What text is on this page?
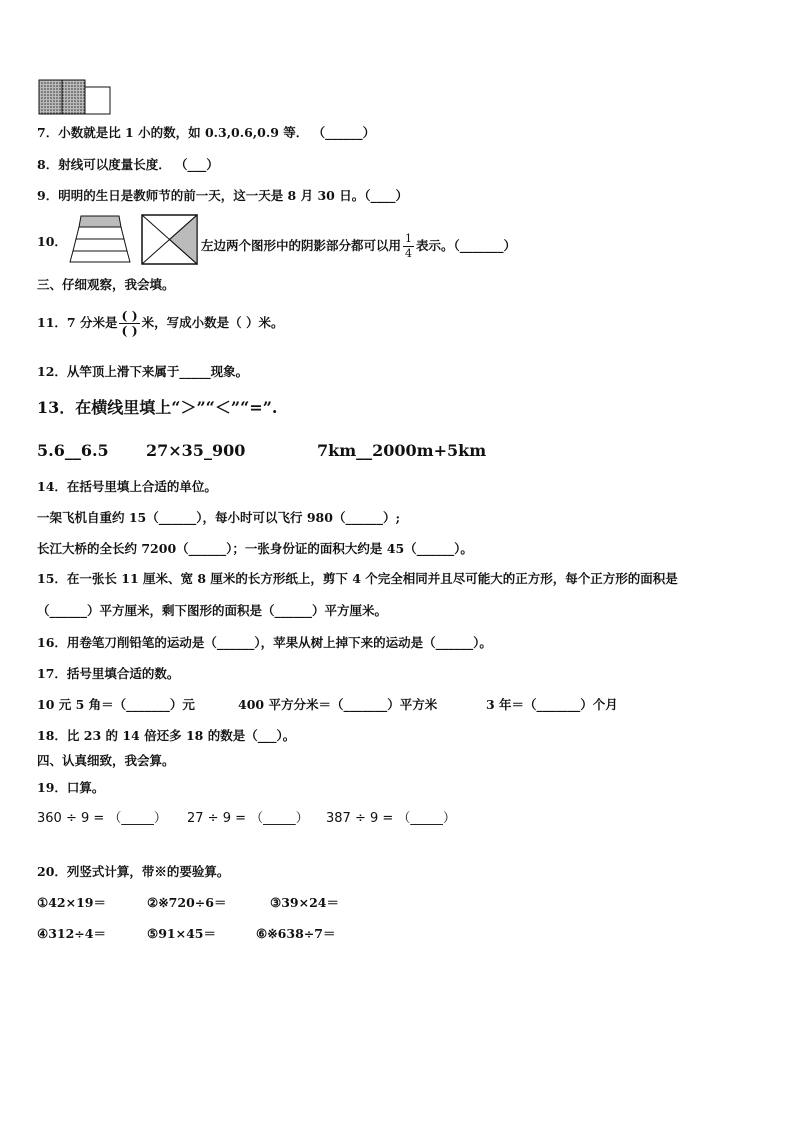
7．小数就是比 1 小的数，如 0.3,0.6,0.9 等． （______）
8．射线可以度量长度． （___）
9．明明的生日是教师节的前一天，这一天是 8 月 30 日。（____）
10．	左边两个图形中的阴影部分都可以用 $\frac{1}{4}$ 表示。（_______）
三、仔细观察，我会填。
11．7 分米是 $\frac{( )}{( )}$ 米，写成小数是（ ）米。
12．从竿顶上滑下来属于_____现象。
13．在横线里填上“＞”“＜”“=”.
5.6__6.5 27×35_900	7km__2000m+5km
14．在括号里填上合适的单位。
一架飞机自重约 15（______），每小时可以飞行 980（______）;
长江大桥的全长约 7200（______）；一张身份证的面积大约是 45（______）。
15．在一张长 11 厘米、宽 8 厘米的长方形纸上，剪下 4 个完全相同并且尽可能大的正方形，每个正方形的面积是
（______）平方厘米，剩下图形的面积是（______）平方厘米。
16．用卷笔刀削铅笔的运动是（______），苹果从树上掉下来的运动是（______）。
17．括号里填合适的数。
10 元 5 角＝（_______）元	400 平方分米＝（_______）平方米	3 年＝（_______）个月
18．比 23 的 14 倍还多 18 的数是（___）。
四、认真细致，我会算。
19．口算。
360 ÷ 9 = （_____） 27 ÷ 9 = （_____） 387 ÷ 9 = （_____）
20．列竖式计算，带※的要验算。
①42×19＝	②※720÷6＝	③39×24＝
④312÷4＝	⑤91×45＝	⑥※638÷7＝
